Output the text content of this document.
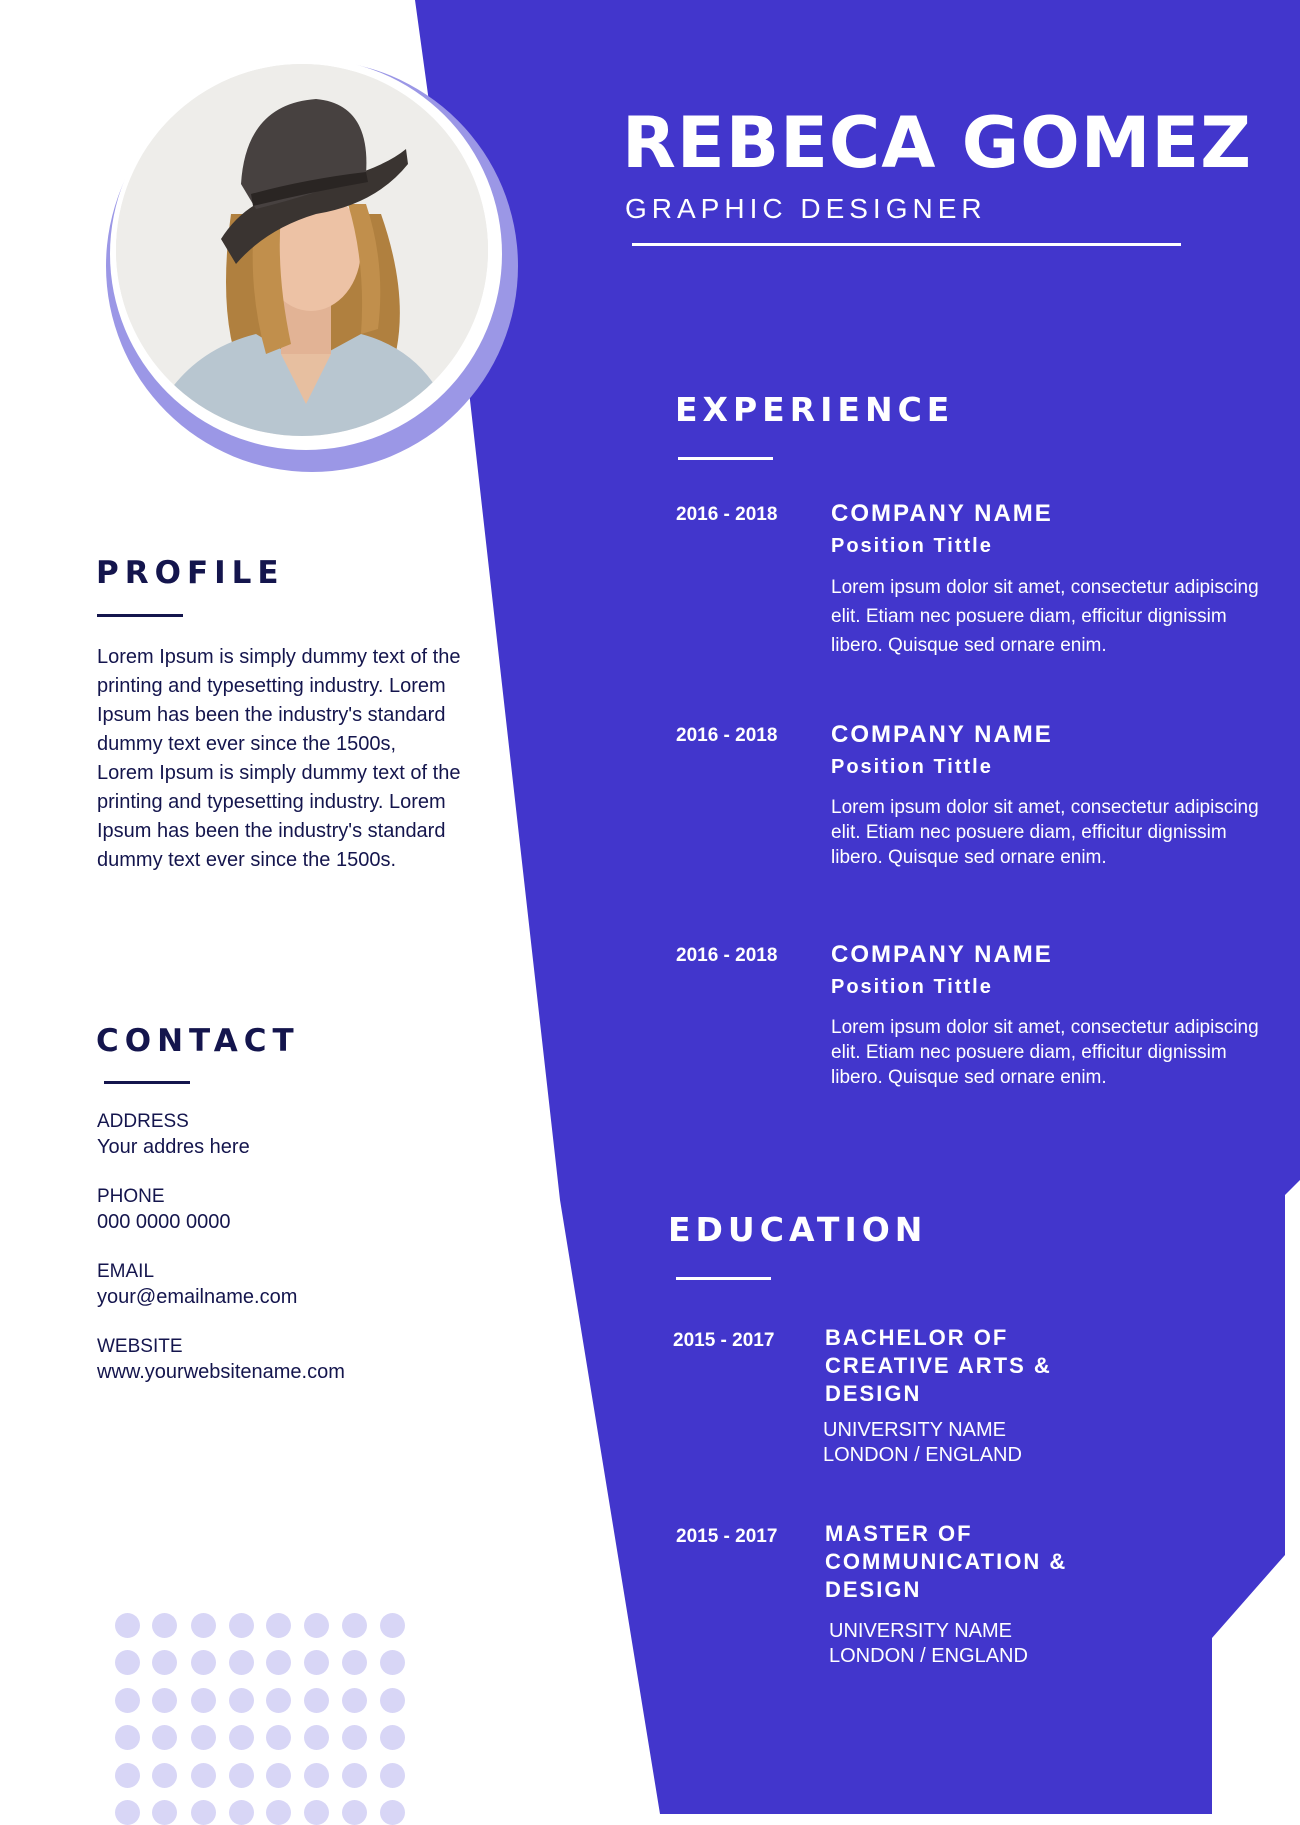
REBECA GOMEZ
GRAPHIC DESIGNER
PROFILE
Lorem Ipsum is simply dummy text of the printing and typesetting industry. Lorem Ipsum has been the industry's standard dummy text ever since the 1500s,
Lorem Ipsum is simply dummy text of the printing and typesetting industry. Lorem Ipsum has been the industry's standard dummy text ever since the 1500s.
CONTACT
ADDRESS
Your addres here
PHONE
000 0000 0000
EMAIL
your@emailname.com
WEBSITE
www.yourwebsitename.com
EXPERIENCE
2016 - 2018 COMPANY NAME
Position Tittle
Lorem ipsum dolor sit amet, consectetur adipiscing elit. Etiam nec posuere diam, efficitur dignissim libero. Quisque sed ornare enim.
2016 - 2018 COMPANY NAME
Position Tittle
Lorem ipsum dolor sit amet, consectetur adipiscing elit. Etiam nec posuere diam, efficitur dignissim libero. Quisque sed ornare enim.
2016 - 2018 COMPANY NAME
Position Tittle
Lorem ipsum dolor sit amet, consectetur adipiscing elit. Etiam nec posuere diam, efficitur dignissim libero. Quisque sed ornare enim.
EDUCATION
2015 - 2017 BACHELOR OF CREATIVE ARTS & DESIGN
UNIVERSITY NAME
LONDON / ENGLAND
2015 - 2017 MASTER OF COMMUNICATION & DESIGN
UNIVERSITY NAME
LONDON / ENGLAND
